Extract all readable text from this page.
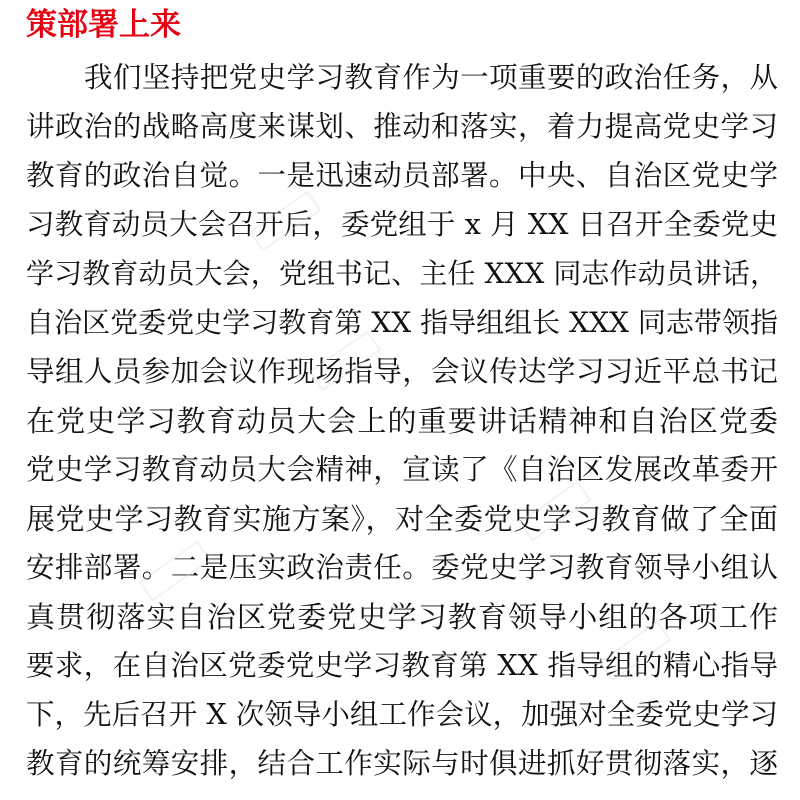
策部署上来

我们坚持把党史学习教育作为一项重要的政治任务，从

讲政治的战略高度来谋划、推动和落实，着力提高党史学习

教育的政治自觉。一是迅速动员部署。中央、自治区党史学

习教育动员大会召开后，委党组于 x 月 XX 日召开全委党史

学习教育动员大会，党组书记、主任 XXX 同志作动员讲话，

自治区党委党史学习教育第 XX 指导组组长 XXX 同志带领指

导组人员参加会议作现场指导，会议传达学习习近平总书记

在党史学习教育动员大会上的重要讲话精神和自治区党委

党史学习教育动员大会精神，宣读了《自治区发展改革委开

展党史学习教育实施方案》，对全委党史学习教育做了全面

安排部署。二是压实政治责任。委党史学习教育领导小组认

真贯彻落实自治区党委党史学习教育领导小组的各项工作

要求，在自治区党委党史学习教育第 XX 指导组的精心指导

下，先后召开 X 次领导小组工作会议，加强对全委党史学习

教育的统筹安排，结合工作实际与时俱进抓好贯彻落实，逐
